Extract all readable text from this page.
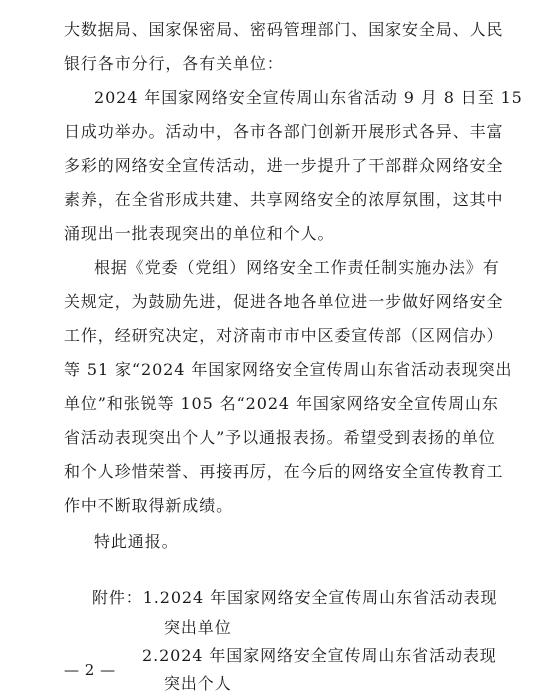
大数据局、国家保密局、密码管理部门、国家安全局、人民
银行各市分行，各有关单位：
2024 年国家网络安全宣传周山东省活动 9 月 8 日至 15
日成功举办。活动中，各市各部门创新开展形式各异、丰富
多彩的网络安全宣传活动，进一步提升了干部群众网络安全
素养，在全省形成共建、共享网络安全的浓厚氛围，这其中
涌现出一批表现突出的单位和个人。
根据《党委（党组）网络安全工作责任制实施办法》有
关规定，为鼓励先进，促进各地各单位进一步做好网络安全
工作，经研究决定，对济南市市中区委宣传部（区网信办）
等 51 家“2024 年国家网络安全宣传周山东省活动表现突出
单位”和张锐等 105 名“2024 年国家网络安全宣传周山东
省活动表现突出个人”予以通报表扬。希望受到表扬的单位
和个人珍惜荣誉、再接再厉，在今后的网络安全宣传教育工
作中不断取得新成绩。
特此通报。
附件：1.2024 年国家网络安全宣传周山东省活动表现
突出单位
2.2024 年国家网络安全宣传周山东省活动表现
突出个人
— 2 —
